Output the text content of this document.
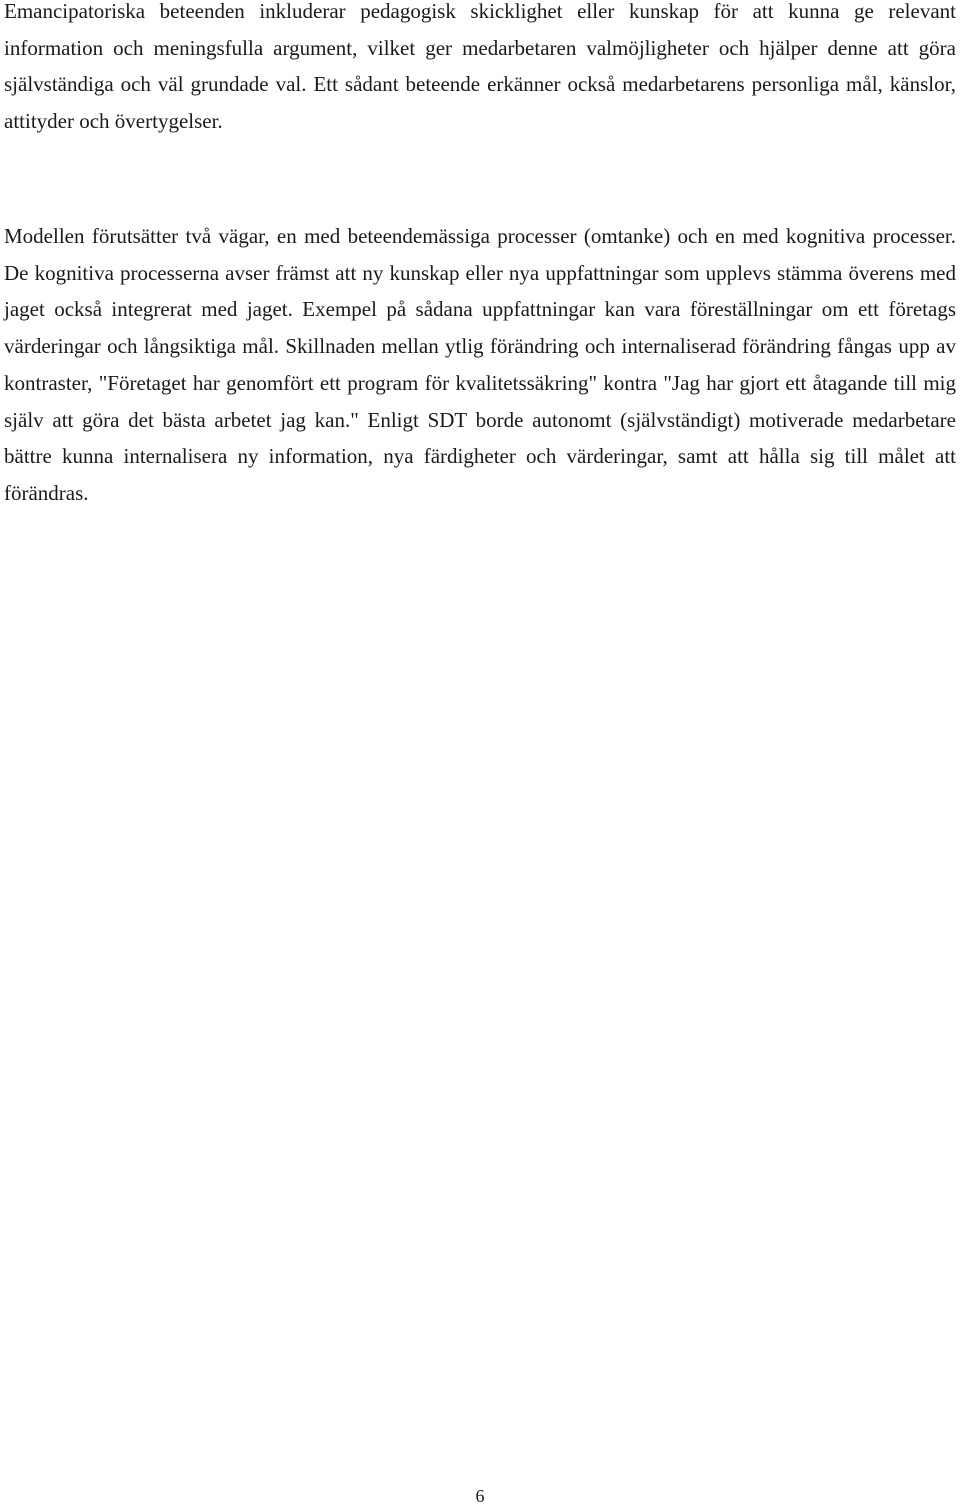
Emancipatoriska beteenden inkluderar pedagogisk skicklighet eller kunskap för att kunna ge relevant information och meningsfulla argument, vilket ger medarbetaren valmöjligheter och hjälper denne att göra självständiga och väl grundade val. Ett sådant beteende erkänner också medarbetarens personliga mål, känslor, attityder och övertygelser.

Modellen förutsätter två vägar, en med beteendemässiga processer (omtanke) och en med kognitiva processer. De kognitiva processerna avser främst att ny kunskap eller nya uppfattningar som upplevs stämma överens med jaget också integrerat med jaget. Exempel på sådana uppfattningar kan vara föreställningar om ett företags värderingar och långsiktiga mål. Skillnaden mellan ytlig förändring och internaliserad förändring fångas upp av kontraster, "Företaget har genomfört ett program för kvalitetssäkring" kontra "Jag har gjort ett åtagande till mig själv att göra det bästa arbetet jag kan." Enligt SDT borde autonomt (självständigt) motiverade medarbetare bättre kunna internalisera ny information, nya färdigheter och värderingar, samt att hålla sig till målet att förändras.

6
